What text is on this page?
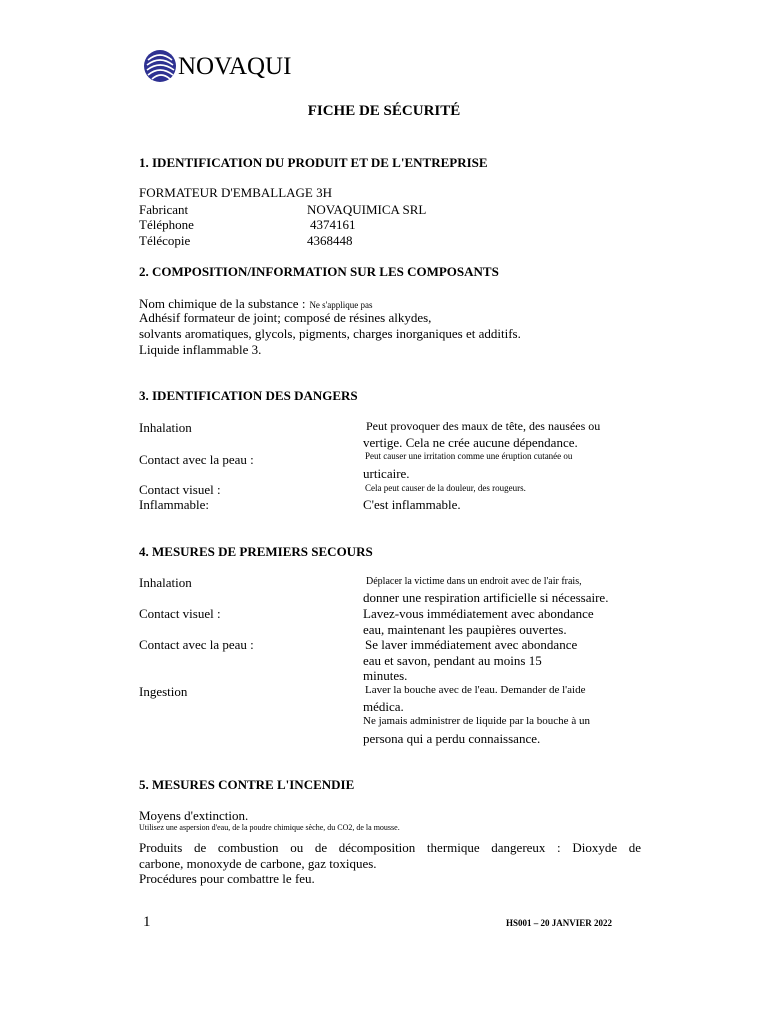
NOVAQUI
FICHE DE SÉCURITÉ
1. IDENTIFICATION DU PRODUIT ET DE L'ENTREPRISE
FORMATEUR D'EMBALLAGE 3H
Fabricant	NOVAQUIMICA SRL
Téléphone	4374161
Télécopie	4368448
2. COMPOSITION/INFORMATION SUR LES COMPOSANTS
Nom chimique de la substance : Ne s'applique pas
Adhésif formateur de joint; composé de résines alkydes,
solvants aromatiques, glycols, pigments, charges inorganiques et additifs.
Liquide inflammable 3.
3. IDENTIFICATION DES DANGERS
Inhalation	Peut provoquer des maux de tête, des nausées ou
vertige. Cela ne crée aucune dépendance.
Contact avec la peau :	Peut causer une irritation comme une éruption cutanée ou
urticaire.
Contact visuel :	Cela peut causer de la douleur, des rougeurs.
Inflammable:	C'est inflammable.
4. MESURES DE PREMIERS SECOURS
Inhalation	Déplacer la victime dans un endroit avec de l'air frais,
donner une respiration artificielle si nécessaire.
Contact visuel :	Lavez-vous immédiatement avec abondance
eau, maintenant les paupières ouvertes.
Contact avec la peau :	Se laver immédiatement avec abondance
eau et savon, pendant au moins 15
minutes.
Ingestion	Laver la bouche avec de l'eau. Demander de l'aide
médica.
Ne jamais administrer de liquide par la bouche à un
persona qui a perdu connaissance.
5. MESURES CONTRE L'INCENDIE
Moyens d'extinction.
Utilisez une aspersion d'eau, de la poudre chimique sèche, du CO2, de la mousse.
Produits de combustion ou de décomposition thermique dangereux : Dioxyde de
carbone, monoxyde de carbone, gaz toxiques.
Procédures pour combattre le feu.
1	HS001 – 20 JANVIER 2022
